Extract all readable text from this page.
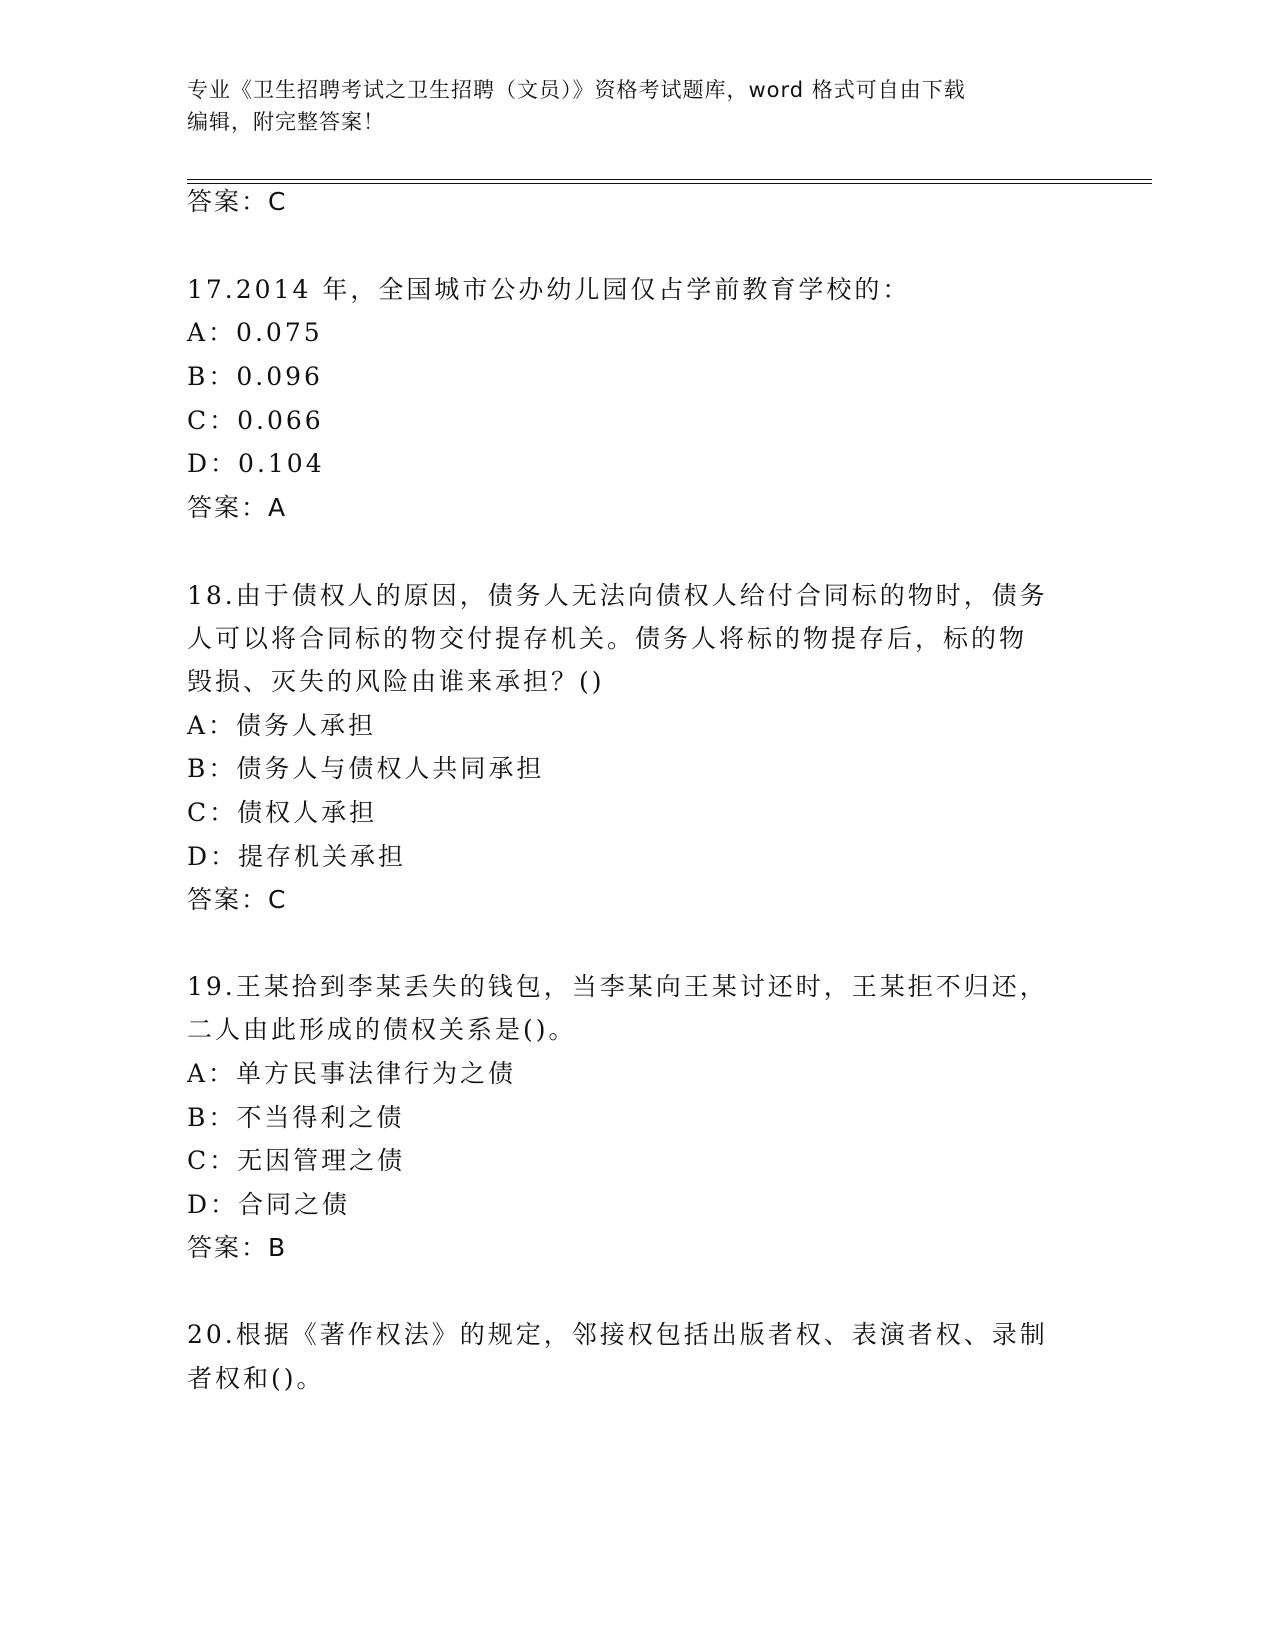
专业《卫生招聘考试之卫生招聘（文员）》资格考试题库，word 格式可自由下载
编辑，附完整答案！
答案：C
17.2014 年，全国城市公办幼儿园仅占学前教育学校的：
A：0.075
B：0.096
C：0.066
D：0.104
答案：A
18.由于债权人的原因，债务人无法向债权人给付合同标的物时，债务
人可以将合同标的物交付提存机关。债务人将标的物提存后，标的物
毁损、灭失的风险由谁来承担？()
A：债务人承担
B：债务人与债权人共同承担
C：债权人承担
D：提存机关承担
答案：C
19.王某拾到李某丢失的钱包，当李某向王某讨还时，王某拒不归还，
二人由此形成的债权关系是()。
A：单方民事法律行为之债
B：不当得利之债
C：无因管理之债
D：合同之债
答案：B
20.根据《著作权法》的规定，邻接权包括出版者权、表演者权、录制
者权和()。
